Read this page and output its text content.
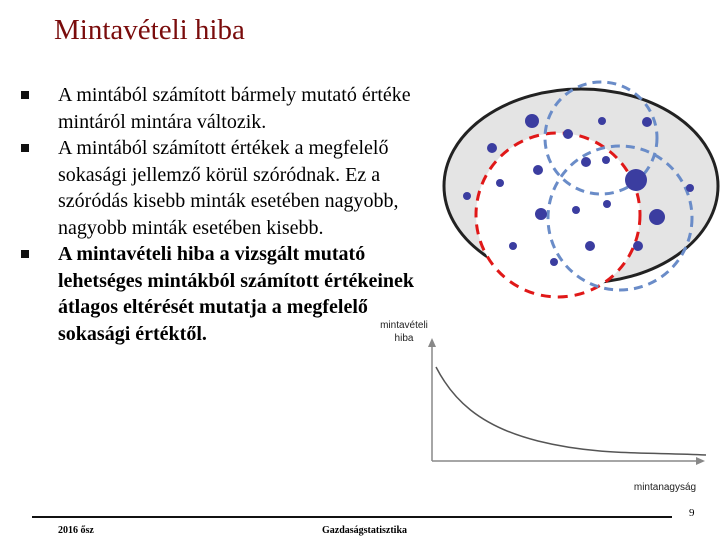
Mintavételi hiba
A mintából számított bármely mutató értéke mintáról mintára változik.
A mintából számított értékek a megfelelő sokasági jellemző körül szóródnak. Ez a szóródás kisebb minták esetében nagyobb, nagyobb minták esetében kisebb.
A mintavételi hiba a vizsgált mutató lehetséges mintákból számított értékeinek átlagos eltérését mutatja a megfelelő sokasági értéktől.	mintavételi
hiba
mintanagyság
9
2016 ősz	Gazdaságstatisztika
